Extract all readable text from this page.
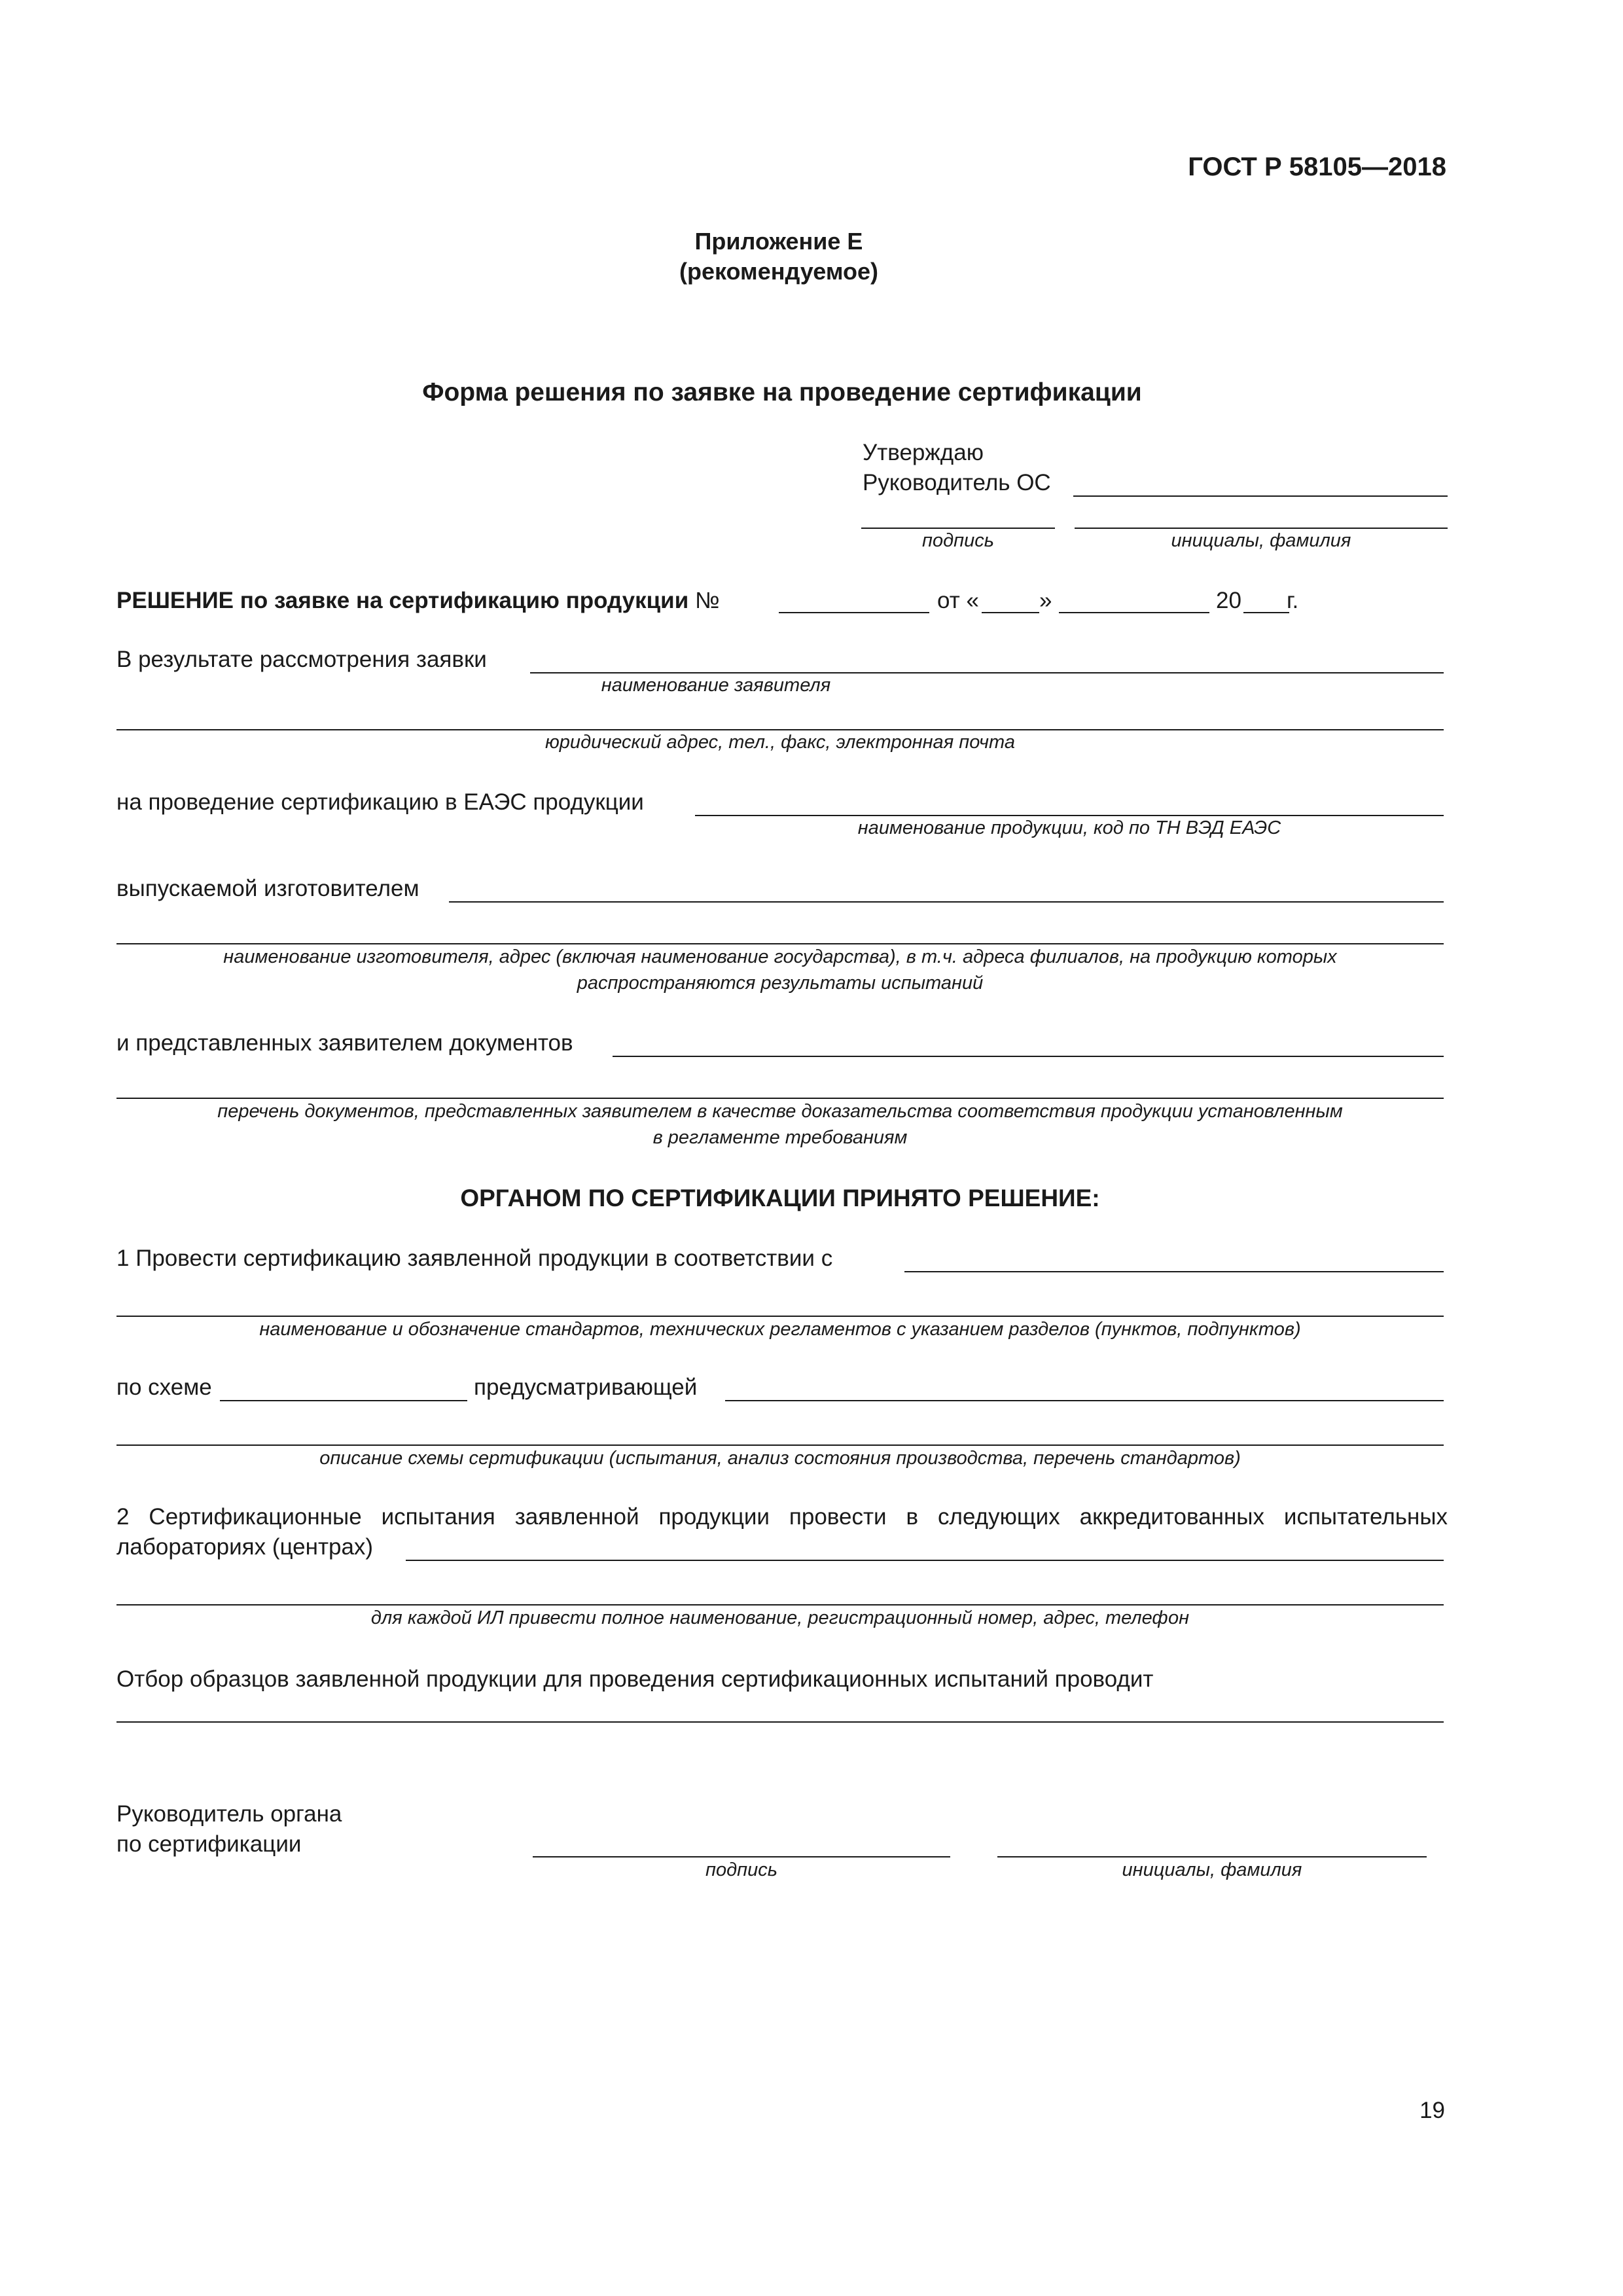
ГОСТ Р 58105—2018
Приложение Е
(рекомендуемое)
Форма решения по заявке на проведение сертификации
Утверждаю
Руководитель ОС
подпись	инициалы, фамилия
РЕШЕНИЕ по заявке на сертификацию продукции №	от «	»	20 г.
В результате рассмотрения заявки
наименование заявителя
юридический адрес, тел., факс, электронная почта
на проведение сертификацию в ЕАЭС продукции
наименование продукции, код по ТН ВЭД ЕАЭС
выпускаемой изготовителем
наименование изготовителя, адрес (включая наименование государства), в т.ч. адреса филиалов, на продукцию которых
распространяются результаты испытаний
и представленных заявителем документов
перечень документов, представленных заявителем в качестве доказательства соответствия продукции установленным
в регламенте требованиям
ОРГАНОМ ПО СЕРТИФИКАЦИИ ПРИНЯТО РЕШЕНИЕ:
1 Провести сертификацию заявленной продукции в соответствии с
наименование и обозначение стандартов, технических регламентов с указанием разделов (пунктов, подпунктов)
по схеме	предусматривающей
описание схемы сертификации (испытания, анализ состояния производства, перечень стандартов)
2 Сертификационные испытания заявленной продукции провести в следующих аккредитованных испытательных
лабораториях (центрах)
для каждой ИЛ привести полное наименование, регистрационный номер, адрес, телефон
Отбор образцов заявленной продукции для проведения сертификационных испытаний проводит
Руководитель органа
по сертификации
подпись	инициалы, фамилия
19
